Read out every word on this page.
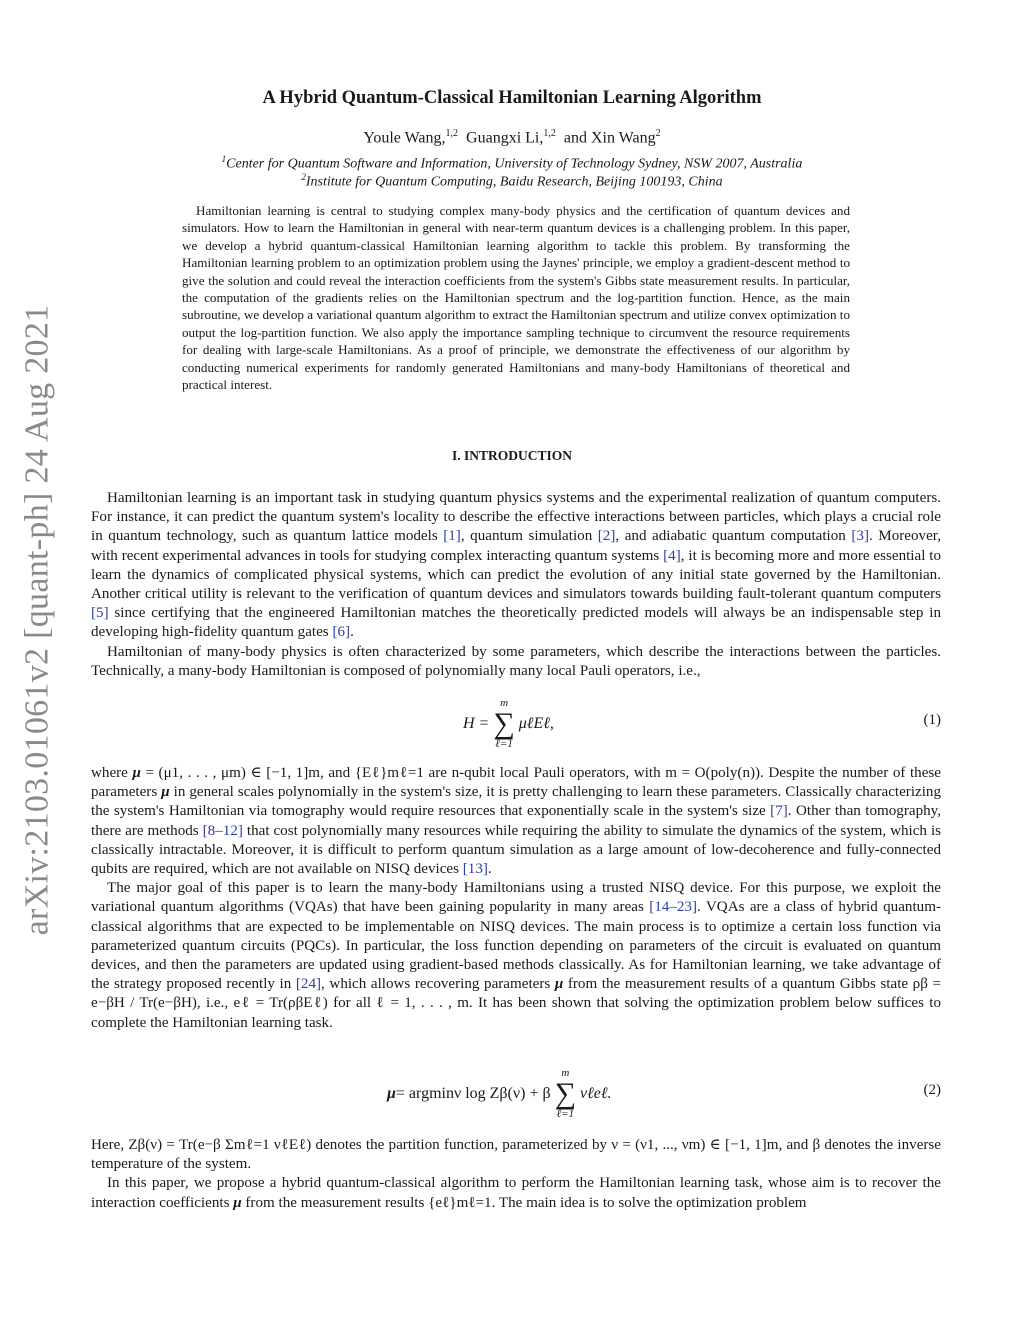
arXiv:2103.01061v2 [quant-ph] 24 Aug 2021
A Hybrid Quantum-Classical Hamiltonian Learning Algorithm
Youle Wang,$^{1,2}$ Guangxi Li,$^{1,2}$ and Xin Wang$^2$
$^1$Center for Quantum Software and Information, University of Technology Sydney, NSW 2007, Australia
$^2$Institute for Quantum Computing, Baidu Research, Beijing 100193, China
Hamiltonian learning is central to studying complex many-body physics and the certification of quantum devices and simulators. How to learn the Hamiltonian in general with near-term quantum devices is a challenging problem. In this paper, we develop a hybrid quantum-classical Hamiltonian learning algorithm to tackle this problem. By transforming the Hamiltonian learning problem to an optimization problem using the Jaynes' principle, we employ a gradient-descent method to give the solution and could reveal the interaction coefficients from the system's Gibbs state measurement results. In particular, the computation of the gradients relies on the Hamiltonian spectrum and the log-partition function. Hence, as the main subroutine, we develop a variational quantum algorithm to extract the Hamiltonian spectrum and utilize convex optimization to output the log-partition function. We also apply the importance sampling technique to circumvent the resource requirements for dealing with large-scale Hamiltonians. As a proof of principle, we demonstrate the effectiveness of our algorithm by conducting numerical experiments for randomly generated Hamiltonians and many-body Hamiltonians of theoretical and practical interest.
I. INTRODUCTION

Hamiltonian learning is an important task in studying quantum physics systems and the experimental realization of quantum computers. For instance, it can predict the quantum system's locality to describe the effective interactions between particles, which plays a crucial role in quantum technology, such as quantum lattice models [1], quantum simulation [2], and adiabatic quantum computation [3]. Moreover, with recent experimental advances in tools for studying complex interacting quantum systems [4], it is becoming more and more essential to learn the dynamics of complicated physical systems, which can predict the evolution of any initial state governed by the Hamiltonian. Another critical utility is relevant to the verification of quantum devices and simulators towards building fault-tolerant quantum computers [5] since certifying that the engineered Hamiltonian matches the theoretically predicted models will always be an indispensable step in developing high-fidelity quantum gates [6].

Hamiltonian of many-body physics is often characterized by some parameters, which describe the interactions between the particles. Technically, a many-body Hamiltonian is composed of polynomially many local Pauli operators, i.e.,

H =
m
∑
ℓ=1
μℓEℓ,	(1)

where μ = (μ1, . . . , μm) ∈ [−1, 1]m, and {Eℓ}mℓ=1 are n-qubit local Pauli operators, with m = O(poly(n)). Despite the number of these parameters μ in general scales polynomially in the system's size, it is pretty challenging to learn these parameters. Classically characterizing the system's Hamiltonian via tomography would require resources that exponentially scale in the system's size [7]. Other than tomography, there are methods [8–12] that cost polynomially many resources while requiring the ability to simulate the dynamics of the system, which is classically intractable. Moreover, it is difficult to perform quantum simulation as a large amount of low-decoherence and fully-connected qubits are required, which are not available on NISQ devices [13].

The major goal of this paper is to learn the many-body Hamiltonians using a trusted NISQ device. For this purpose, we exploit the variational quantum algorithms (VQAs) that have been gaining popularity in many areas [14–23]. VQAs are a class of hybrid quantum-classical algorithms that are expected to be implementable on NISQ devices. The main process is to optimize a certain loss function via parameterized quantum circuits (PQCs). In particular, the loss function depending on parameters of the circuit is evaluated on quantum devices, and then the parameters are updated using gradient-based methods classically. As for Hamiltonian learning, we take advantage of the strategy proposed recently in [24], which allows recovering parameters μ from the measurement results of a quantum Gibbs state ρβ = e−βH / Tr(e−βH), i.e., eℓ = Tr(ρβEℓ) for all ℓ = 1, . . . , m. It has been shown that solving the optimization problem below suffices to complete the Hamiltonian learning task.

μ = argminν log Zβ(ν) + β
m
∑
ℓ=1
νℓeℓ.	(2)

Here, Zβ(ν) = Tr(e−β Σmℓ=1 νℓEℓ) denotes the partition function, parameterized by ν = (ν1, ..., νm) ∈ [−1, 1]m, and β denotes the inverse temperature of the system.

In this paper, we propose a hybrid quantum-classical algorithm to perform the Hamiltonian learning task, whose aim is to recover the interaction coefficients μ from the measurement results {eℓ}mℓ=1. The main idea is to solve the optimization problem
